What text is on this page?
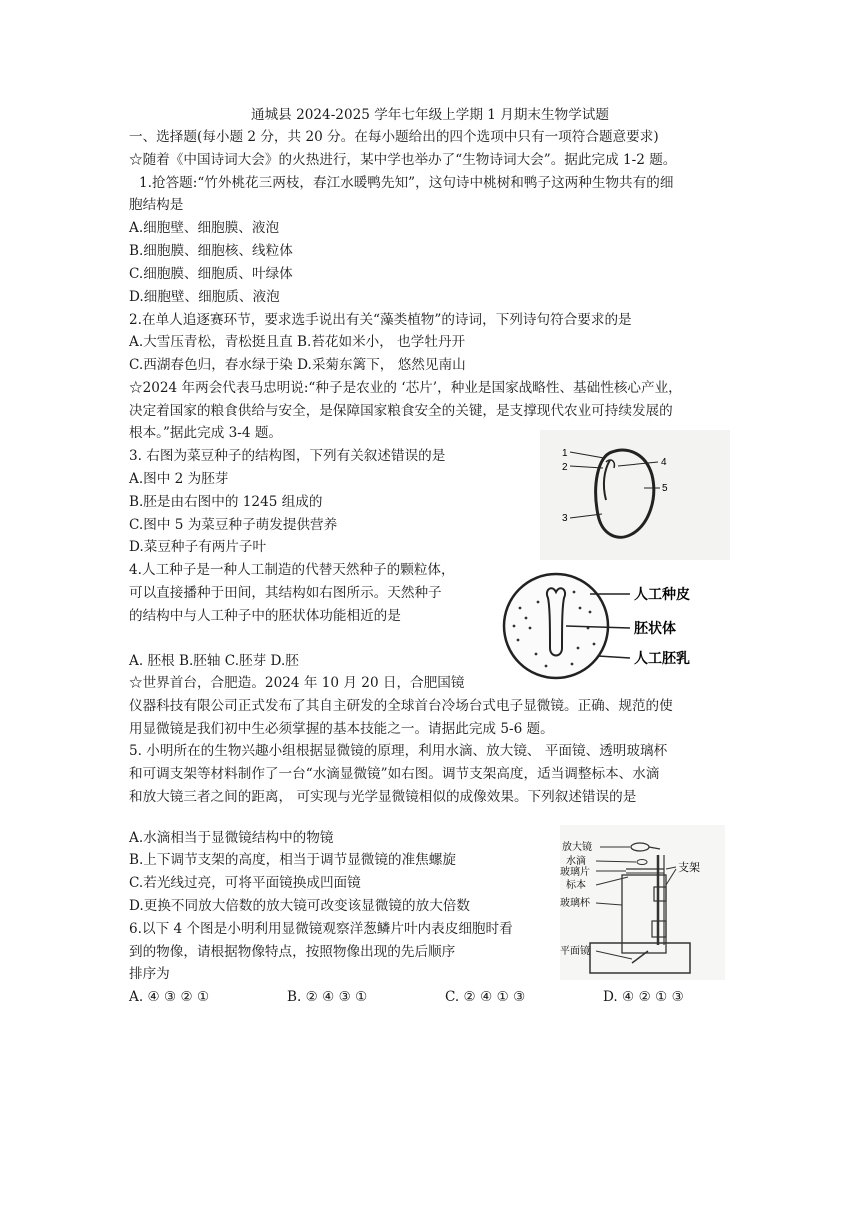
通城县 2024-2025 学年七年级上学期 1 月期末生物学试题
一、选择题(每小题 2 分，共 20 分。在每小题给出的四个选项中只有一项符合题意要求)
☆随着《中国诗词大会》的火热进行，某中学也举办了“生物诗词大会”。据此完成 1-2 题。
1.抢答题:“竹外桃花三两枝，春江水暖鸭先知”，这句诗中桃树和鸭子这两种生物共有的细
胞结构是
A.细胞壁、细胞膜、液泡
B.细胞膜、细胞核、线粒体
C.细胞膜、细胞质、叶绿体
D.细胞壁、细胞质、液泡
2.在单人追逐赛环节，要求选手说出有关“藻类植物”的诗词，下列诗句符合要求的是
A.大雪压青松，青松挺且直 B.苔花如米小， 也学牡丹开
C.西湖春色归，春水绿于染 D.采菊东篱下， 悠然见南山
☆2024 年两会代表马忠明说:“种子是农业的 ‘芯片’，种业是国家战略性、基础性核心产业，
决定着国家的粮食供给与安全，是保障国家粮食安全的关键，是支撑现代农业可持续发展的
根本。”据此完成 3-4 题。
3. 右图为菜豆种子的结构图，下列有关叙述错误的是
A.图中 2 为胚芽
B.胚是由右图中的 1245 组成的
C.图中 5 为菜豆种子萌发提供营养
D.菜豆种子有两片子叶
1
2
3
4
5
4.人工种子是一种人工制造的代替天然种子的颗粒体，
可以直接播种于田间，其结构如右图所示。天然种子
的结构中与人工种子中的胚状体功能相近的是
A. 胚根 B.胚轴 C.胚芽 D.胚
人工种皮
胚状体
人工胚乳
☆世界首台，合肥造。2024 年 10 月 20 日，合肥国镜
仪器科技有限公司正式发布了其自主研发的全球首台冷场台式电子显微镜。正确、规范的使
用显微镜是我们初中生必须掌握的基本技能之一。请据此完成 5-6 题。
5. 小明所在的生物兴趣小组根据显微镜的原理，利用水滴、放大镜、 平面镜、透明玻璃杯
和可调支架等材料制作了一台“水滴显微镜”如右图。调节支架高度，适当调整标本、水滴
和放大镜三者之间的距离， 可实现与光学显微镜相似的成像效果。下列叙述错误的是
A.水滴相当于显微镜结构中的物镜
B.上下调节支架的高度，相当于调节显微镜的准焦螺旋
C.若光线过亮，可将平面镜换成凹面镜
D.更换不同放大倍数的放大镜可改变该显微镜的放大倍数
放大镜
水滴
玻璃片
标本
玻璃杯
平面镜
支架
6.以下 4 个图是小明利用显微镜观察洋葱鳞片叶内表皮细胞时看
到的物像，请根据物像特点，按照物像出现的先后顺序
排序为
A. ④ ③ ② ①	B. ② ④ ③ ①	C. ② ④ ① ③	D. ④ ② ① ③
